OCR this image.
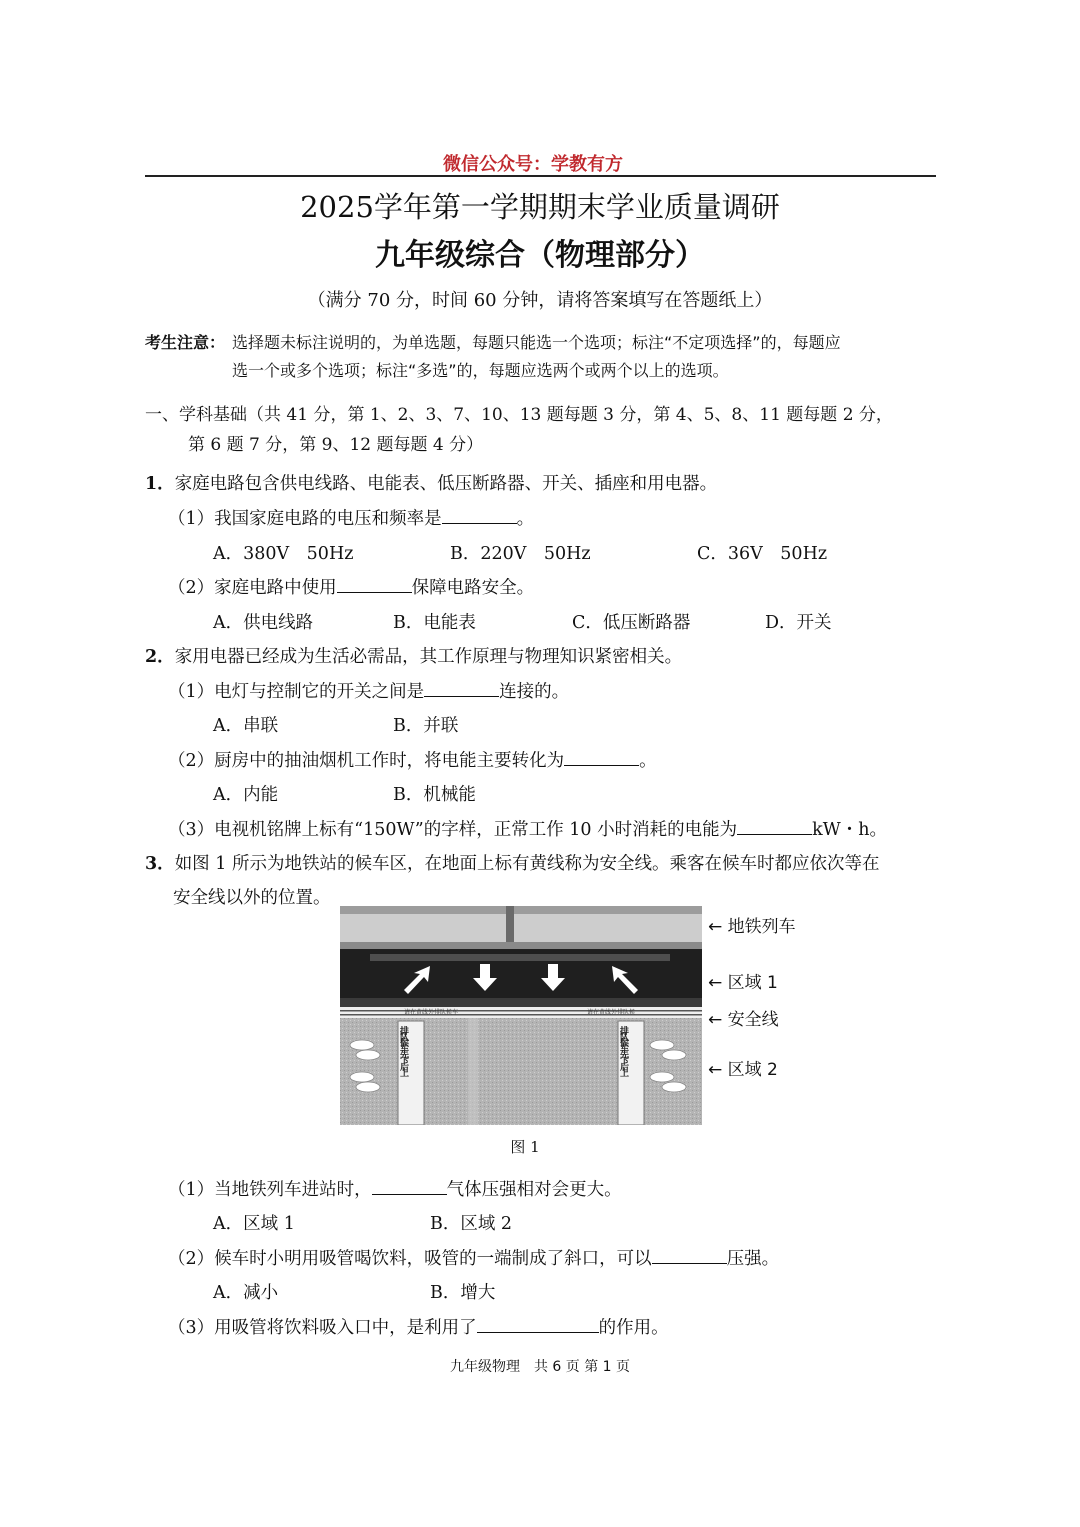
微信公众号：学教有方
2025学年第一学期期末学业质量调研
九年级综合（物理部分）
（满分 70 分，时间 60 分钟，请将答案填写在答题纸上）
考生注意： 选择题未标注说明的，为单选题，每题只能选一个选项；标注“不定项选择”的，每题应
选一个或多个选项；标注“多选”的，每题应选两个或两个以上的选项。
一、学科基础（共 41 分，第 1、2、3、7、10、13 题每题 3 分，第 4、5、8、11 题每题 2 分，
第 6 题 7 分，第 9、12 题每题 4 分）
1．家庭电路包含供电线路、电能表、低压断路器、开关、插座和用电器。
（1）我国家庭电路的电压和频率是	。
A．380V　50Hz	B．220V　50Hz	C．36V　50Hz
（2）家庭电路中使用	保障电路安全。
A．供电线路	B．电能表	C．低压断路器	D．开关
2．家用电器已经成为生活必需品，其工作原理与物理知识紧密相关。
（1）电灯与控制它的开关之间是	连接的。
A．串联	B．并联
（2）厨房中的抽油烟机工作时，将电能主要转化为	。
A．内能	B．机械能
（3）电视机铭牌上标有“150W”的字样，正常工作 10 小时消耗的电能为	kW・h。
3．如图 1 所示为地铁站的候车区，在地面上标有黄线称为安全线。乘客在候车时都应依次等在
安全线以外的位置。
请在黄线外排队候车	请在黄线外排队候
排队候车 先下后上	排队候车 先下后上
← 地铁列车
← 区域 1
← 安全线
← 区域 2
图 1
（1）当地铁列车进站时，	气体压强相对会更大。
A．区域 1	B．区域 2
（2）候车时小明用吸管喝饮料，吸管的一端制成了斜口，可以	压强。
A．减小	B．增大
（3）用吸管将饮料吸入口中，是利用了	的作用。
九年级物理　共 6 页 第 1 页
